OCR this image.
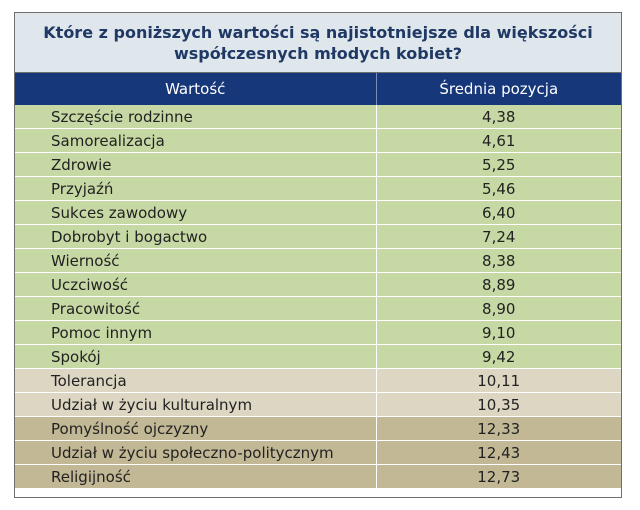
Które z poniższych wartości są najistotniejsze dla większości współczesnych młodych kobiet?
Wartość	Średnia pozycja
Szczęście rodzinne	4,38
Samorealizacja	4,61
Zdrowie	5,25
Przyjaźń	5,46
Sukces zawodowy	6,40
Dobrobyt i bogactwo	7,24
Wierność	8,38
Uczciwość	8,89
Pracowitość	8,90
Pomoc innym	9,10
Spokój	9,42
Tolerancja	10,11
Udział w życiu kulturalnym	10,35
Pomyślność ojczyzny	12,33
Udział w życiu społeczno-politycznym	12,43
Religijność	12,73
